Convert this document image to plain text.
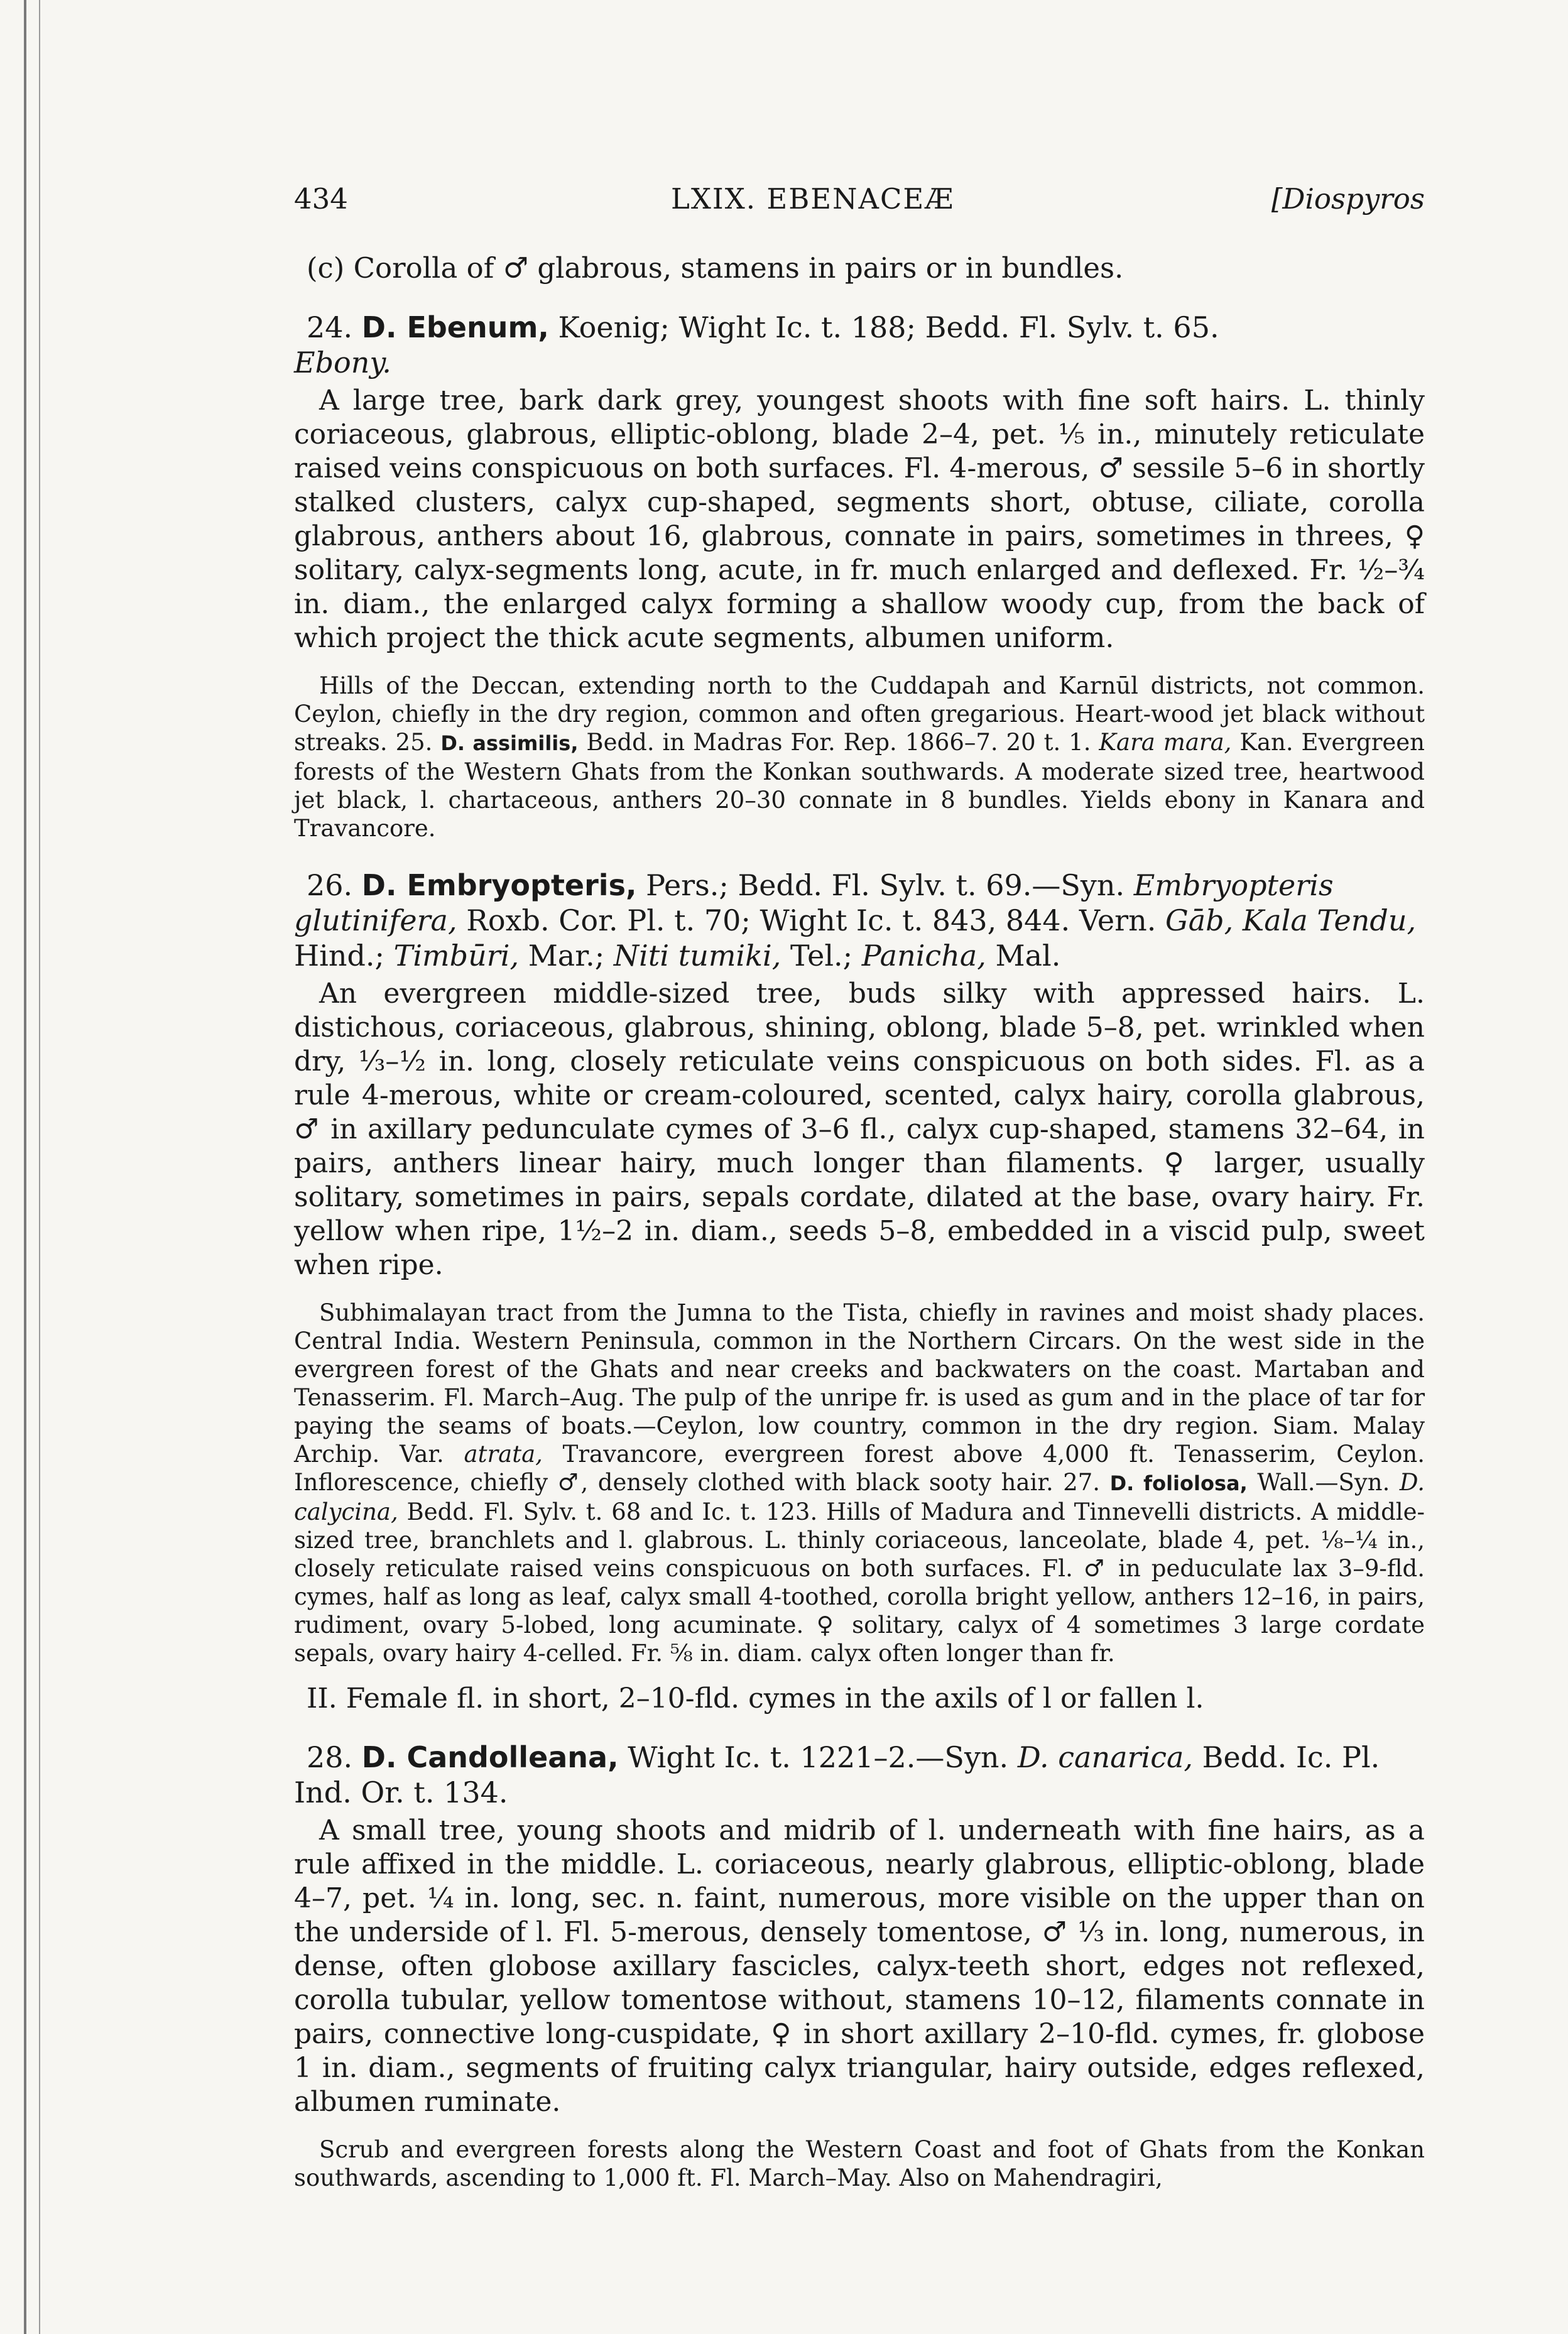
434	LXIX. EBENACEÆ	[Diospyros
(c) Corolla of ♂ glabrous, stamens in pairs or in bundles.
24. D. Ebenum, Koenig; Wight Ic. t. 188; Bedd. Fl. Sylv. t. 65.
Ebony.
A large tree, bark dark grey, youngest shoots with fine soft hairs. L. thinly coriaceous, glabrous, elliptic-oblong, blade 2–4, pet. ⅕ in., minutely reticulate raised veins conspicuous on both surfaces. Fl. 4-merous, ♂ sessile 5–6 in shortly stalked clusters, calyx cup-shaped, segments short, obtuse, ciliate, corolla glabrous, anthers about 16, glabrous, connate in pairs, sometimes in threes, ♀ solitary, calyx-segments long, acute, in fr. much enlarged and deflexed. Fr. ½–¾ in. diam., the enlarged calyx forming a shallow woody cup, from the back of which project the thick acute segments, albumen uniform.
Hills of the Deccan, extending north to the Cuddapah and Karnūl districts, not common. Ceylon, chiefly in the dry region, common and often gregarious. Heart-wood jet black without streaks. 25. D. assimilis, Bedd. in Madras For. Rep. 1866–7. 20 t. 1. Kara mara, Kan. Evergreen forests of the Western Ghats from the Konkan southwards. A moderate sized tree, heartwood jet black, l. chartaceous, anthers 20–30 connate in 8 bundles. Yields ebony in Kanara and Travancore.
26. D. Embryopteris, Pers.; Bedd. Fl. Sylv. t. 69.—Syn. Embryopteris glutinifera, Roxb. Cor. Pl. t. 70; Wight Ic. t. 843, 844. Vern. Gāb, Kala Tendu, Hind.; Timbūri, Mar.; Niti tumiki, Tel.; Panicha, Mal.
An evergreen middle-sized tree, buds silky with appressed hairs. L. distichous, coriaceous, glabrous, shining, oblong, blade 5–8, pet. wrinkled when dry, ⅓–½ in. long, closely reticulate veins conspicuous on both sides. Fl. as a rule 4-merous, white or cream-coloured, scented, calyx hairy, corolla glabrous, ♂ in axillary pedunculate cymes of 3–6 fl., calyx cup-shaped, stamens 32–64, in pairs, anthers linear hairy, much longer than filaments. ♀ larger, usually solitary, sometimes in pairs, sepals cordate, dilated at the base, ovary hairy. Fr. yellow when ripe, 1½–2 in. diam., seeds 5–8, embedded in a viscid pulp, sweet when ripe.
Subhimalayan tract from the Jumna to the Tista, chiefly in ravines and moist shady places. Central India. Western Peninsula, common in the Northern Circars. On the west side in the evergreen forest of the Ghats and near creeks and backwaters on the coast. Martaban and Tenasserim. Fl. March–Aug. The pulp of the unripe fr. is used as gum and in the place of tar for paying the seams of boats.—Ceylon, low country, common in the dry region. Siam. Malay Archip. Var. atrata, Travancore, evergreen forest above 4,000 ft. Tenasserim, Ceylon. Inflorescence, chiefly ♂, densely clothed with black sooty hair. 27. D. foliolosa, Wall.—Syn. D. calycina, Bedd. Fl. Sylv. t. 68 and Ic. t. 123. Hills of Madura and Tinnevelli districts. A middle-sized tree, branchlets and l. glabrous. L. thinly coriaceous, lanceolate, blade 4, pet. ⅛–¼ in., closely reticulate raised veins conspicuous on both surfaces. Fl. ♂ in peduculate lax 3–9-fld. cymes, half as long as leaf, calyx small 4-toothed, corolla bright yellow, anthers 12–16, in pairs, rudiment, ovary 5-lobed, long acuminate. ♀ solitary, calyx of 4 sometimes 3 large cordate sepals, ovary hairy 4-celled. Fr. ⅝ in. diam. calyx often longer than fr.
II. Female fl. in short, 2–10-fld. cymes in the axils of l or fallen l.
28. D. Candolleana, Wight Ic. t. 1221–2.—Syn. D. canarica, Bedd. Ic. Pl. Ind. Or. t. 134.
A small tree, young shoots and midrib of l. underneath with fine hairs, as a rule affixed in the middle. L. coriaceous, nearly glabrous, elliptic-oblong, blade 4–7, pet. ¼ in. long, sec. n. faint, numerous, more visible on the upper than on the underside of l. Fl. 5-merous, densely tomentose, ♂ ⅓ in. long, numerous, in dense, often globose axillary fascicles, calyx-teeth short, edges not reflexed, corolla tubular, yellow tomentose without, stamens 10–12, filaments connate in pairs, connective long-cuspidate, ♀ in short axillary 2–10-fld. cymes, fr. globose 1 in. diam., segments of fruiting calyx triangular, hairy outside, edges reflexed, albumen ruminate.
Scrub and evergreen forests along the Western Coast and foot of Ghats from the Konkan southwards, ascending to 1,000 ft. Fl. March–May. Also on Mahendragiri,
